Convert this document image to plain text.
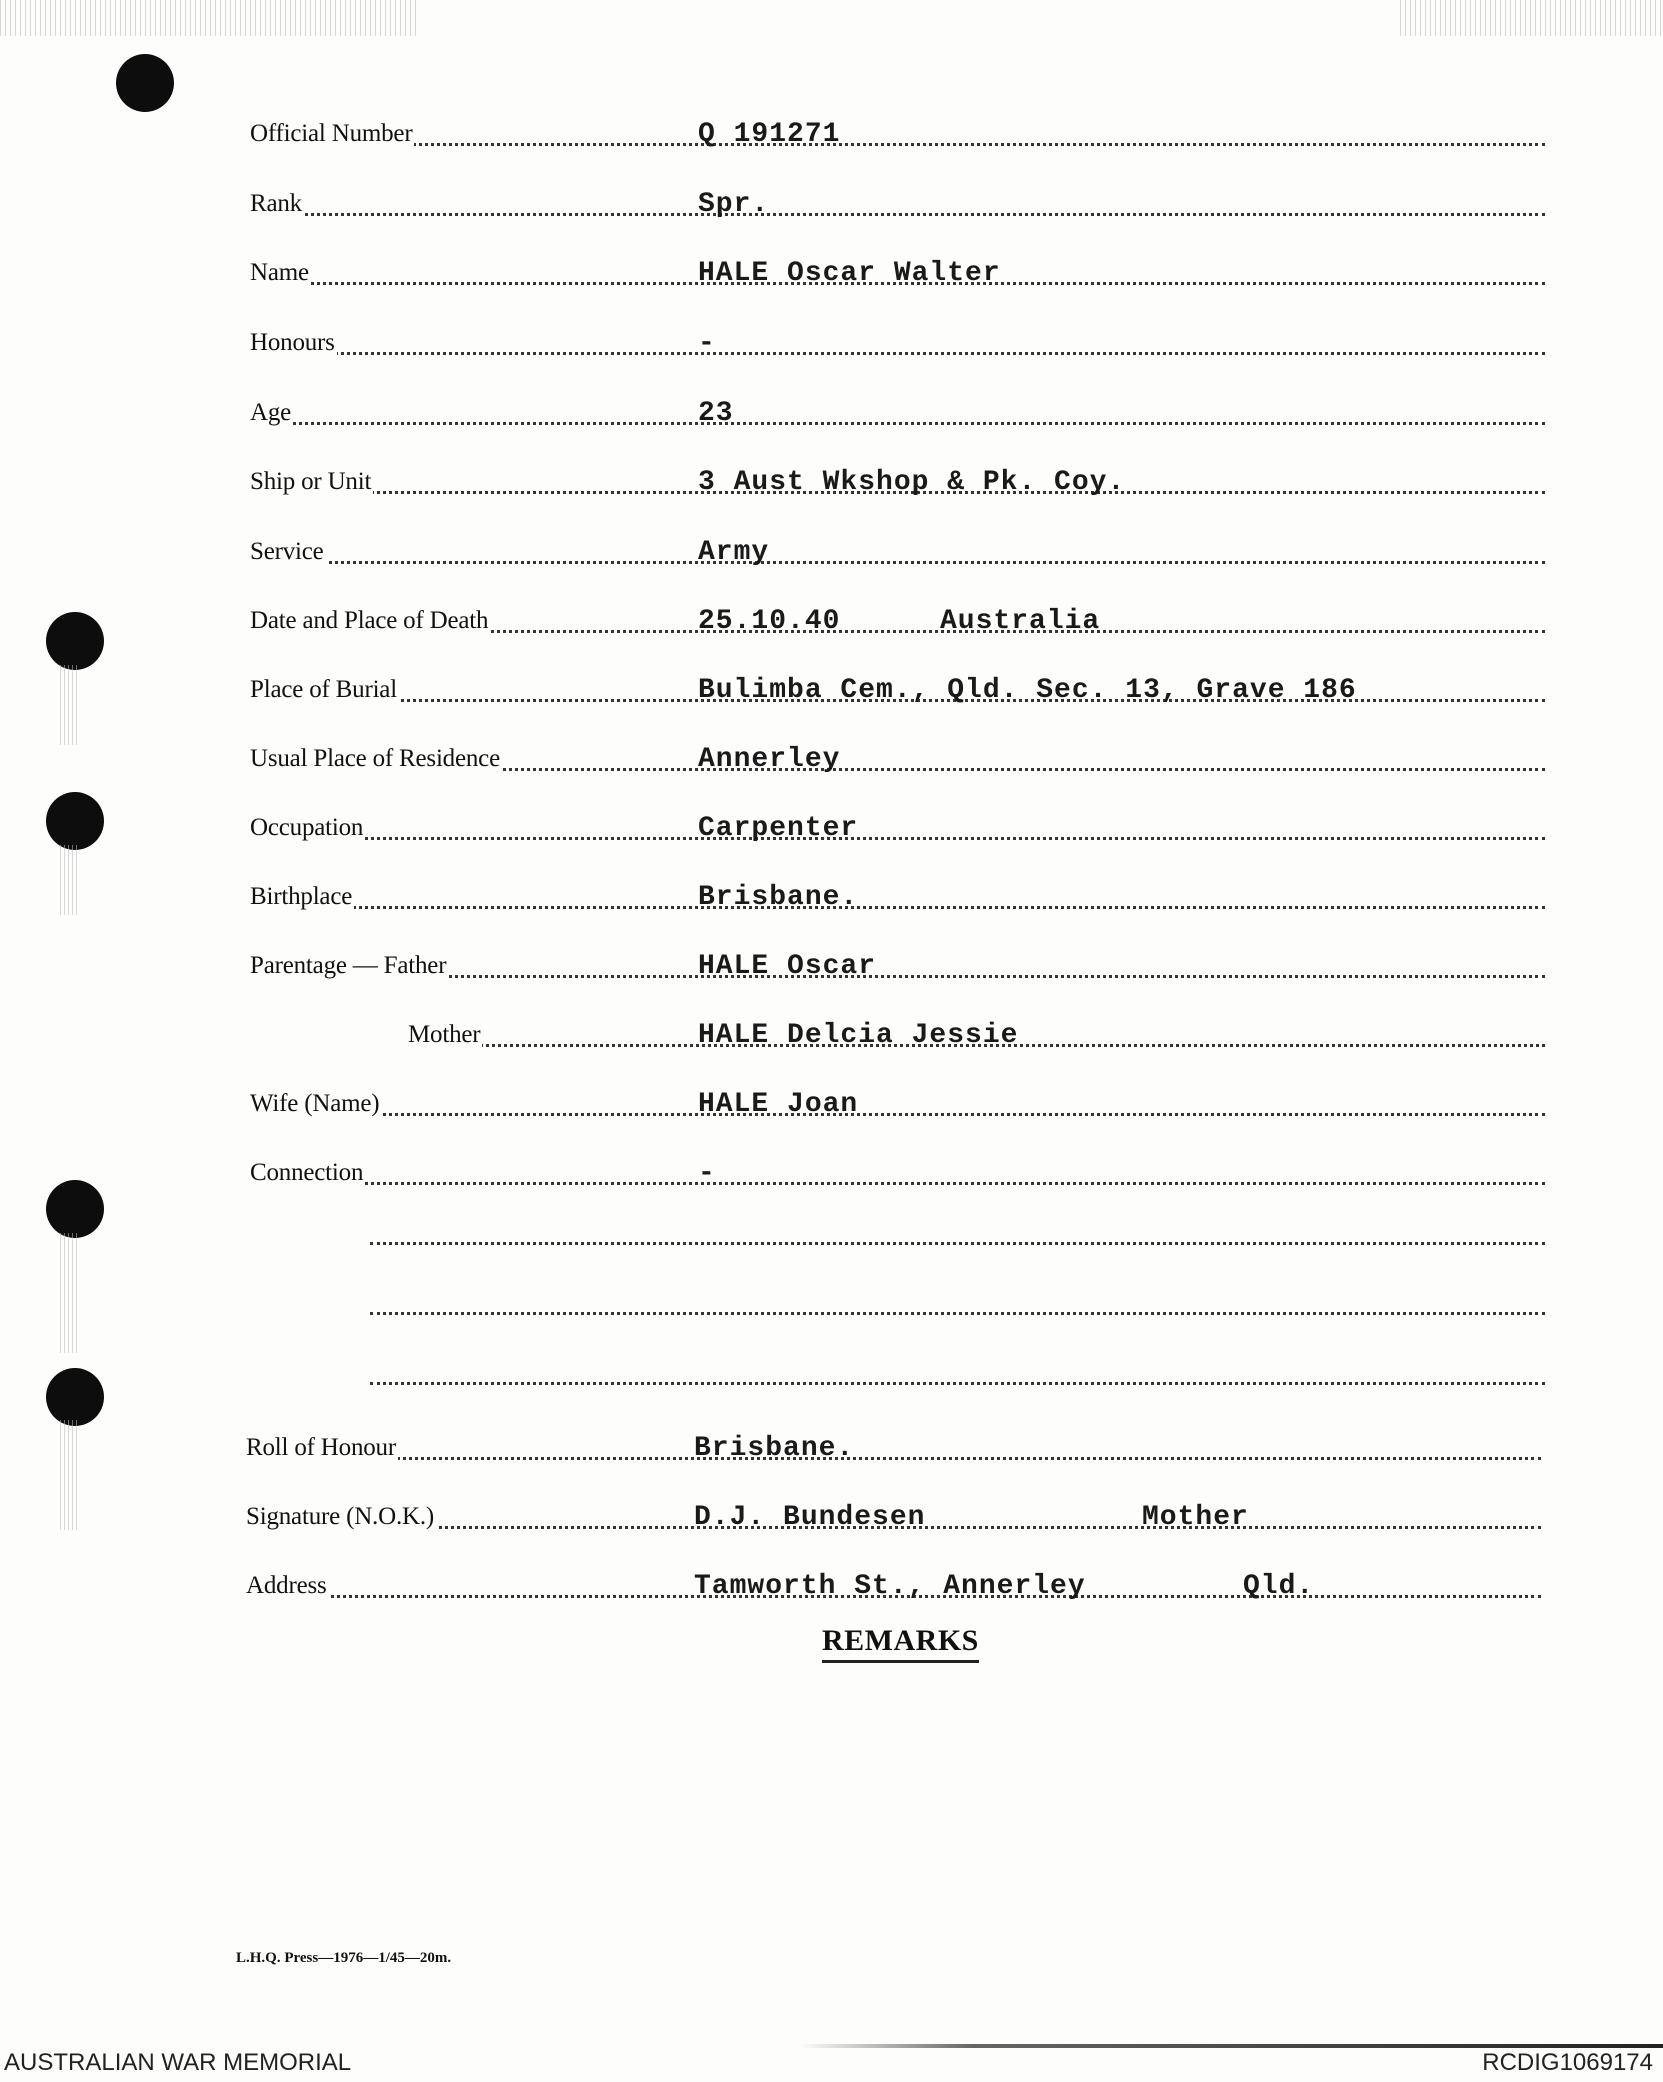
Official Number	Q 191271
Rank	Spr.
Name	HALE Oscar Walter
Honours	-
Age	23
Ship or Unit	3 Aust Wkshop & Pk. Coy.
Service	Army
Date and Place of Death	25.10.40	Australia
Place of Burial	Bulimba Cem., Qld. Sec. 13, Grave 186
Usual Place of Residence	Annerley
Occupation	Carpenter
Birthplace	Brisbane.
Parentage — Father	HALE Oscar
Mother	HALE Delcia Jessie
Wife (Name)	HALE Joan
Connection	-
Roll of Honour	Brisbane.
Signature (N.O.K.)	D.J. Bundesen	Mother
Address	Tamworth St., Annerley	Qld.
REMARKS
L.H.Q. Press—1976—1/45—20m.
AUSTRALIAN WAR MEMORIAL	RCDIG1069174
